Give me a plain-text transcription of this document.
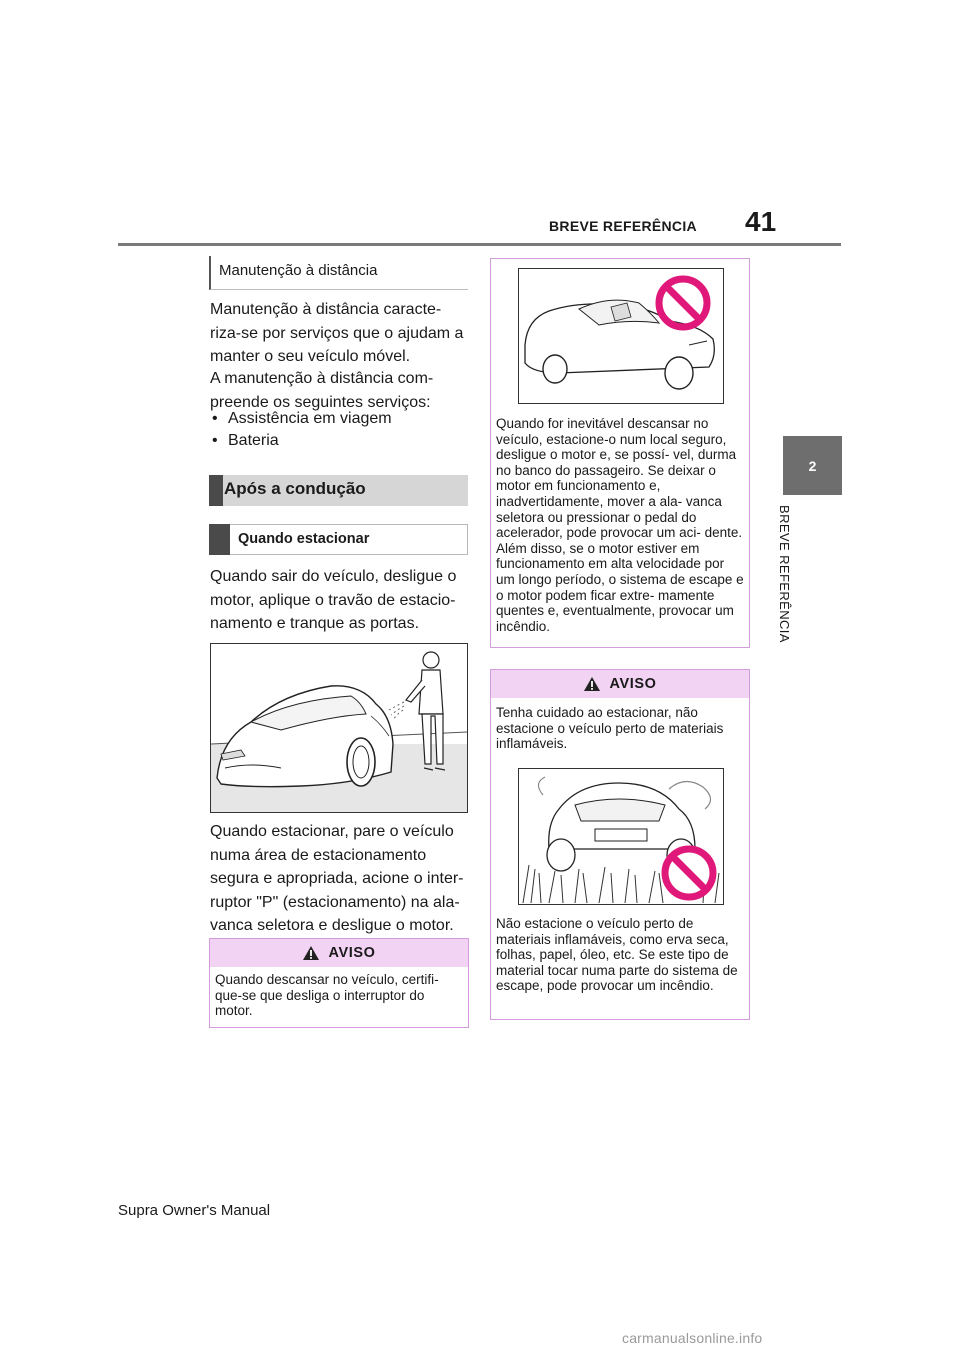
BREVE REFERÊNCIA 41
2
BREVE REFERÊNCIA
Manutenção à distância
Manutenção à distância caracte- riza-se por serviços que o ajudam a manter o seu veículo móvel.
A manutenção à distância com- preende os seguintes serviços:
• Assistência em viagem
• Bateria
Após a condução
Quando estacionar
Quando sair do veículo, desligue o motor, aplique o travão de estacio- namento e tranque as portas.
Quando estacionar, pare o veículo numa área de estacionamento segura e apropriada, acione o inter- ruptor "P" (estacionamento) na ala- vanca seletora e desligue o motor.
AVISO
Quando descansar no veículo, certifi- que-se que desliga o interruptor do motor.
Quando for inevitável descansar no veículo, estacione-o num local seguro, desligue o motor e, se possí- vel, durma no banco do passageiro. Se deixar o motor em funcionamento e, inadvertidamente, mover a ala- vanca seletora ou pressionar o pedal do acelerador, pode provocar um aci- dente. Além disso, se o motor estiver em funcionamento em alta velocidade por um longo período, o sistema de escape e o motor podem ficar extre- mamente quentes e, eventualmente, provocar um incêndio.
AVISO
Tenha cuidado ao estacionar, não estacione o veículo perto de materiais inflamáveis.
Não estacione o veículo perto de materiais inflamáveis, como erva seca, folhas, papel, óleo, etc. Se este tipo de material tocar numa parte do sistema de escape, pode provocar um incêndio.
Supra Owner's Manual
carmanualsonline.info
